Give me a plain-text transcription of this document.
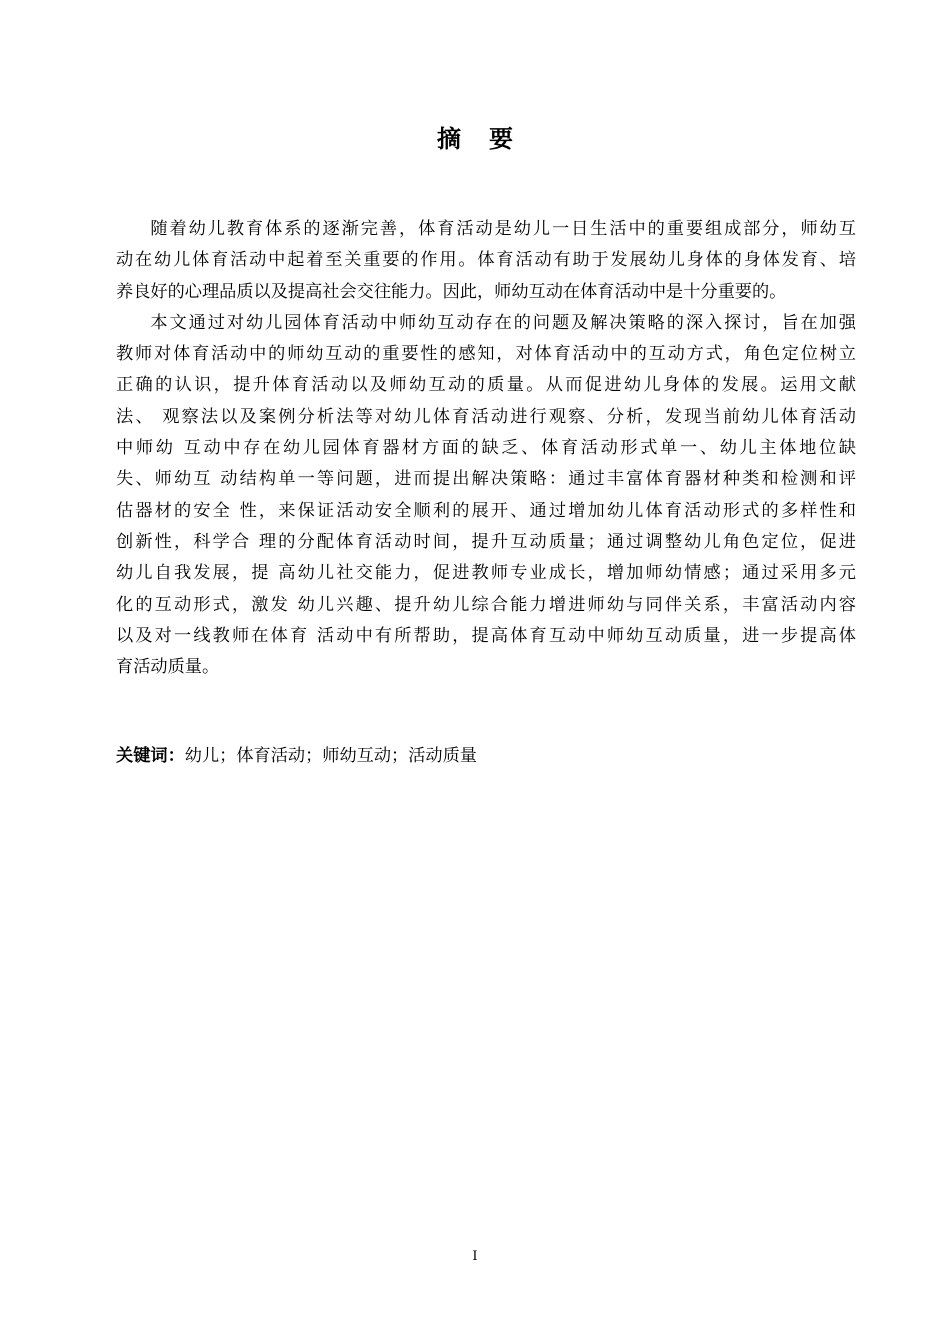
摘要
随着幼儿教育体系的逐渐完善，体育活动是幼儿一日生活中的重要组成部分，师幼互
动在幼儿体育活动中起着至关重要的作用。体育活动有助于发展幼儿身体的身体发育、培
养良好的心理品质以及提高社会交往能力。因此，师幼互动在体育活动中是十分重要的。
本文通过对幼儿园体育活动中师幼互动存在的问题及解决策略的深入探讨，旨在加强
教师对体育活动中的师幼互动的重要性的感知，对体育活动中的互动方式，角色定位树立
正确的认识，提升体育活动以及师幼互动的质量。从而促进幼儿身体的发展。运用文献
法、 观察法以及案例分析法等对幼儿体育活动进行观察、分析，发现当前幼儿体育活动
中师幼 互动中存在幼儿园体育器材方面的缺乏、体育活动形式单一、幼儿主体地位缺
失、师幼互 动结构单一等问题，进而提出解决策略：通过丰富体育器材种类和检测和评
估器材的安全 性，来保证活动安全顺利的展开、通过增加幼儿体育活动形式的多样性和
创新性，科学合 理的分配体育活动时间，提升互动质量；通过调整幼儿角色定位，促进
幼儿自我发展，提 高幼儿社交能力，促进教师专业成长，增加师幼情感；通过采用多元
化的互动形式，激发 幼儿兴趣、提升幼儿综合能力增进师幼与同伴关系，丰富活动内容
以及对一线教师在体育 活动中有所帮助，提高体育互动中师幼互动质量，进一步提高体
育活动质量。
关键词：幼儿；体育活动；师幼互动；活动质量
I
